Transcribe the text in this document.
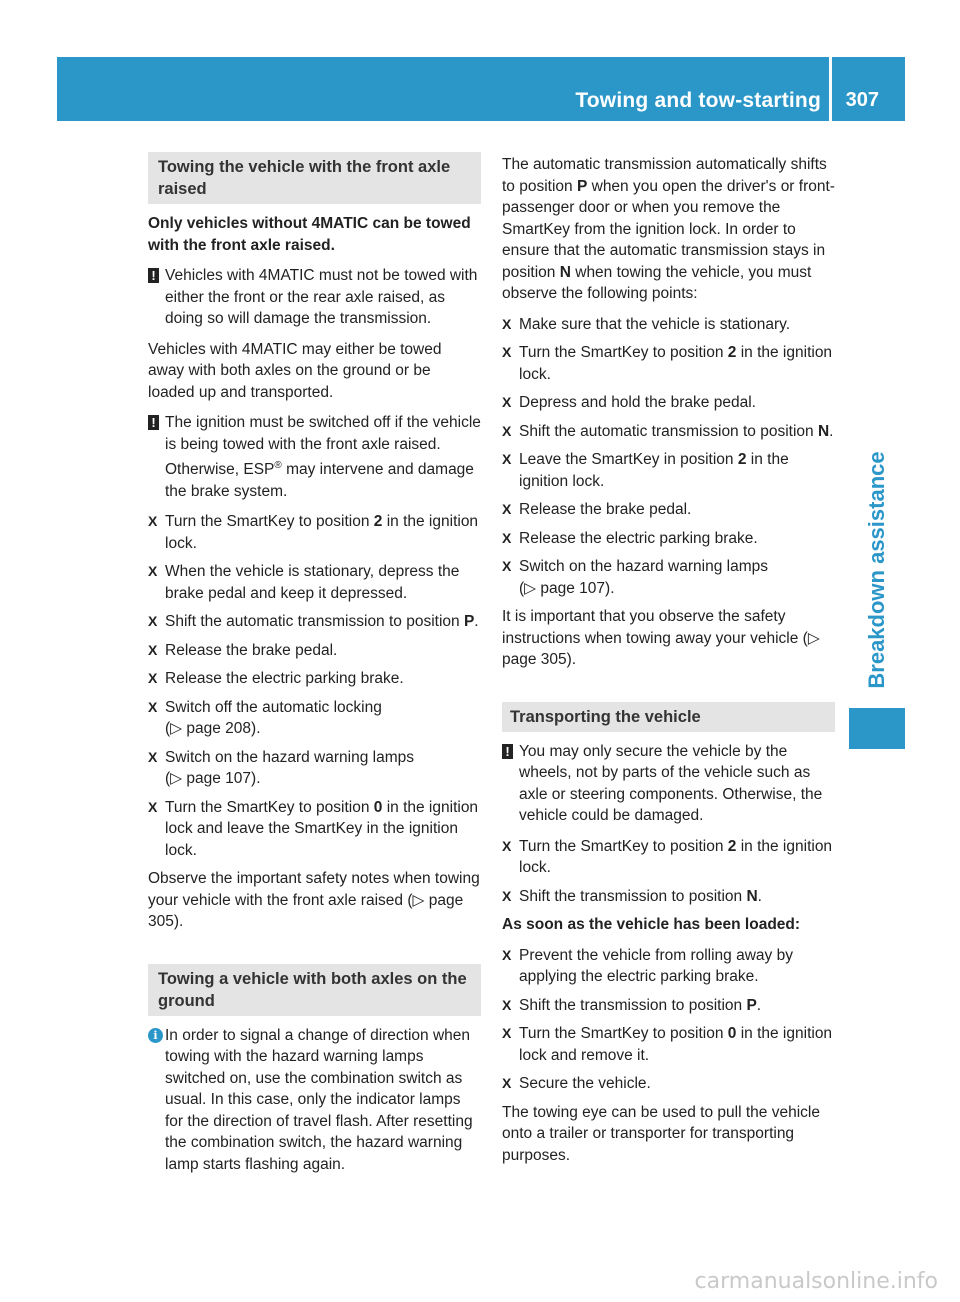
Towing and tow-starting 307
Breakdown assistance
Towing the vehicle with the front axle raised

Only vehicles without 4MATIC can be towed with the front axle raised.

! Vehicles with 4MATIC must not be towed with either the front or the rear axle raised, as doing so will damage the transmission.

Vehicles with 4MATIC may either be towed away with both axles on the ground or be loaded up and transported.

! The ignition must be switched off if the vehicle is being towed with the front axle raised. Otherwise, ESP® may intervene and damage the brake system.
X Turn the SmartKey to position 2 in the ignition lock.
X When the vehicle is stationary, depress the brake pedal and keep it depressed.
X Shift the automatic transmission to position P.
X Release the brake pedal.
X Release the electric parking brake.
X Switch off the automatic locking
(▷ page 208).
X Switch on the hazard warning lamps
(▷ page 107).
X Turn the SmartKey to position 0 in the ignition lock and leave the SmartKey in the ignition lock.

Observe the important safety notes when towing your vehicle with the front axle raised (▷ page 305).

Towing a vehicle with both axles on the ground
i In order to signal a change of direction when towing with the hazard warning lamps switched on, use the combination switch as usual. In this case, only the indicator lamps for the direction of travel flash. After resetting the combination switch, the hazard warning lamp starts flashing again.

The automatic transmission automatically shifts to position P when you open the driver's or front-passenger door or when you remove the SmartKey from the ignition lock. In order to ensure that the automatic transmission stays in position N when towing the vehicle, you must observe the following points:

X Make sure that the vehicle is stationary.
X Turn the SmartKey to position 2 in the ignition lock.
X Depress and hold the brake pedal.
X Shift the automatic transmission to position N.
X Leave the SmartKey in position 2 in the ignition lock.
X Release the brake pedal.
X Release the electric parking brake.
X Switch on the hazard warning lamps
(▷ page 107).

It is important that you observe the safety instructions when towing away your vehicle (▷ page 305).

Transporting the vehicle
! You may only secure the vehicle by the wheels, not by parts of the vehicle such as axle or steering components. Otherwise, the vehicle could be damaged.
X Turn the SmartKey to position 2 in the ignition lock.
X Shift the transmission to position N.

As soon as the vehicle has been loaded:

X Prevent the vehicle from rolling away by applying the electric parking brake.
X Shift the transmission to position P.
X Turn the SmartKey to position 0 in the ignition lock and remove it.
X Secure the vehicle.

The towing eye can be used to pull the vehicle onto a trailer or transporter for transporting purposes.

carmanualsonline.info
